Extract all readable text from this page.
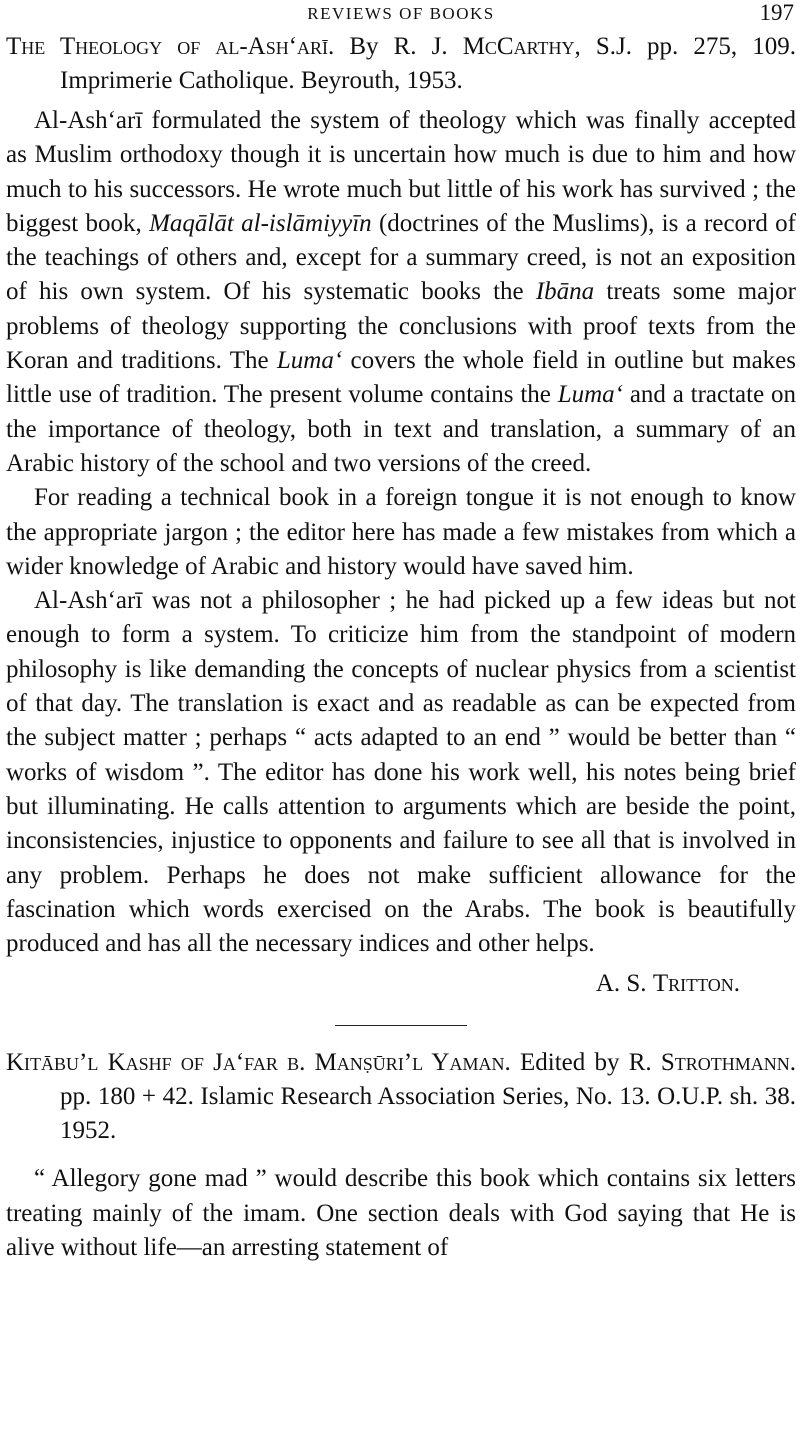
REVIEWS OF BOOKS	197

The Theology of al-Ash‘arī. By R. J. McCarthy, S.J. pp. 275, 109. Imprimerie Catholique. Beyrouth, 1953.

Al-Ash‘arī formulated the system of theology which was finally accepted as Muslim orthodoxy though it is uncertain how much is due to him and how much to his successors. He wrote much but little of his work has survived ; the biggest book, Maqālāt al-islāmiyyīn (doctrines of the Muslims), is a record of the teachings of others and, except for a summary creed, is not an exposition of his own system. Of his systematic books the Ibāna treats some major problems of theology supporting the conclusions with proof texts from the Koran and traditions. The Luma‘ covers the whole field in outline but makes little use of tradition. The present volume contains the Luma‘ and a tractate on the importance of theology, both in text and translation, a summary of an Arabic history of the school and two versions of the creed.

For reading a technical book in a foreign tongue it is not enough to know the appropriate jargon ; the editor here has made a few mistakes from which a wider knowledge of Arabic and history would have saved him.

Al-Ash‘arī was not a philosopher ; he had picked up a few ideas but not enough to form a system. To criticize him from the standpoint of modern philosophy is like demanding the concepts of nuclear physics from a scientist of that day. The translation is exact and as readable as can be expected from the subject matter ; perhaps “ acts adapted to an end ” would be better than “ works of wisdom ”. The editor has done his work well, his notes being brief but illuminating. He calls attention to arguments which are beside the point, inconsistencies, injustice to opponents and failure to see all that is involved in any problem. Perhaps he does not make sufficient allowance for the fascination which words exercised on the Arabs. The book is beautifully produced and has all the necessary indices and other helps.

A. S. Tritton.

Kitābu’l Kashf of Ja‘far b. Manṣūri’l Yaman. Edited by R. Strothmann. pp. 180 + 42. Islamic Research Association Series, No. 13. O.U.P. sh. 38. 1952.

“ Allegory gone mad ” would describe this book which contains six letters treating mainly of the imam. One section deals with God saying that He is alive without life—an arresting statement of
